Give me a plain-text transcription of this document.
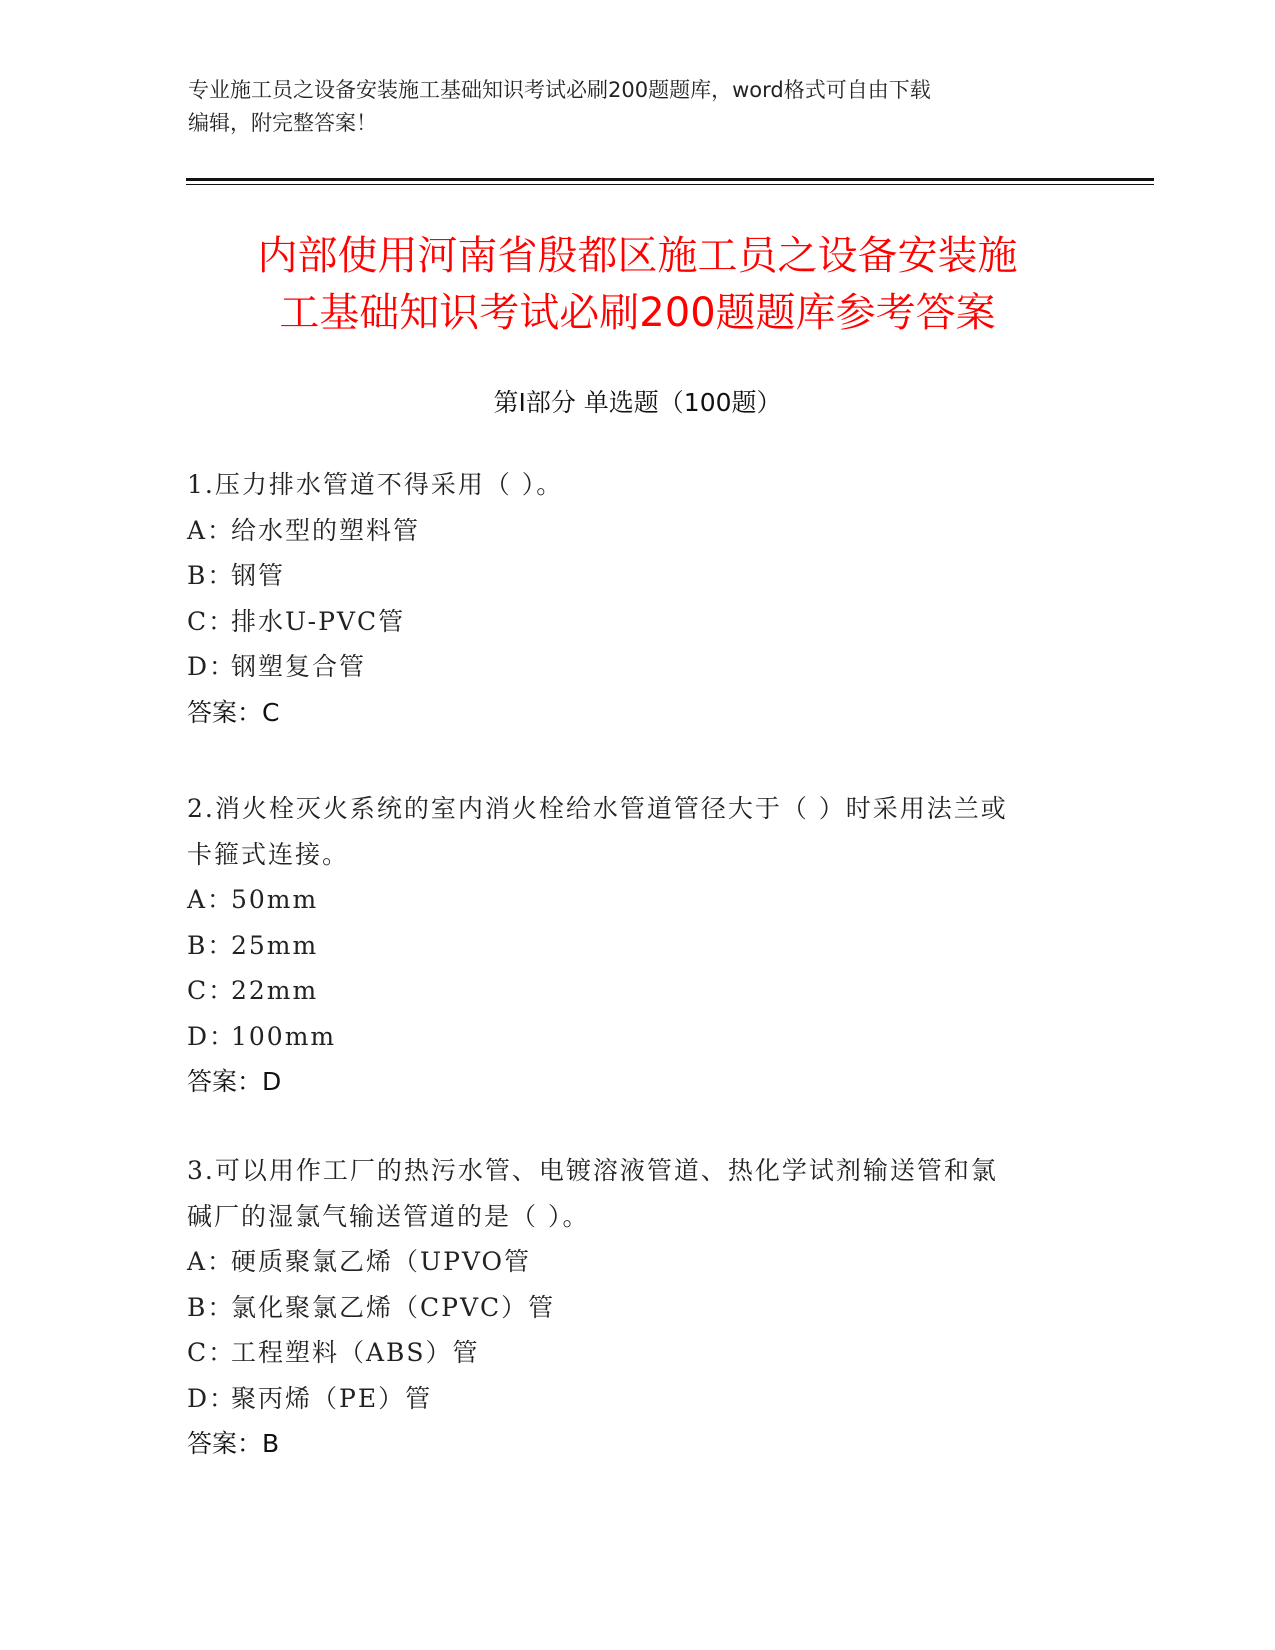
专业施工员之设备安装施工基础知识考试必刷200题题库，word格式可自由下载
编辑，附完整答案！
内部使用河南省殷都区施工员之设备安装施
工基础知识考试必刷200题题库参考答案
第Ⅰ部分 单选题（100题）
1.压力排水管道不得采用（ ）。
A：给水型的塑料管
B：钢管
C：排水U-PVC管
D：钢塑复合管
答案：C
2.消火栓灭火系统的室内消火栓给水管道管径大于（ ）时采用法兰或
卡箍式连接。
A：50mm
B：25mm
C：22mm
D：100mm
答案：D
3.可以用作工厂的热污水管、电镀溶液管道、热化学试剂输送管和氯
碱厂的湿氯气输送管道的是（ ）。
A：硬质聚氯乙烯（UPVO管
B：氯化聚氯乙烯（CPVC）管
C：工程塑料（ABS）管
D：聚丙烯（PE）管
答案：B
